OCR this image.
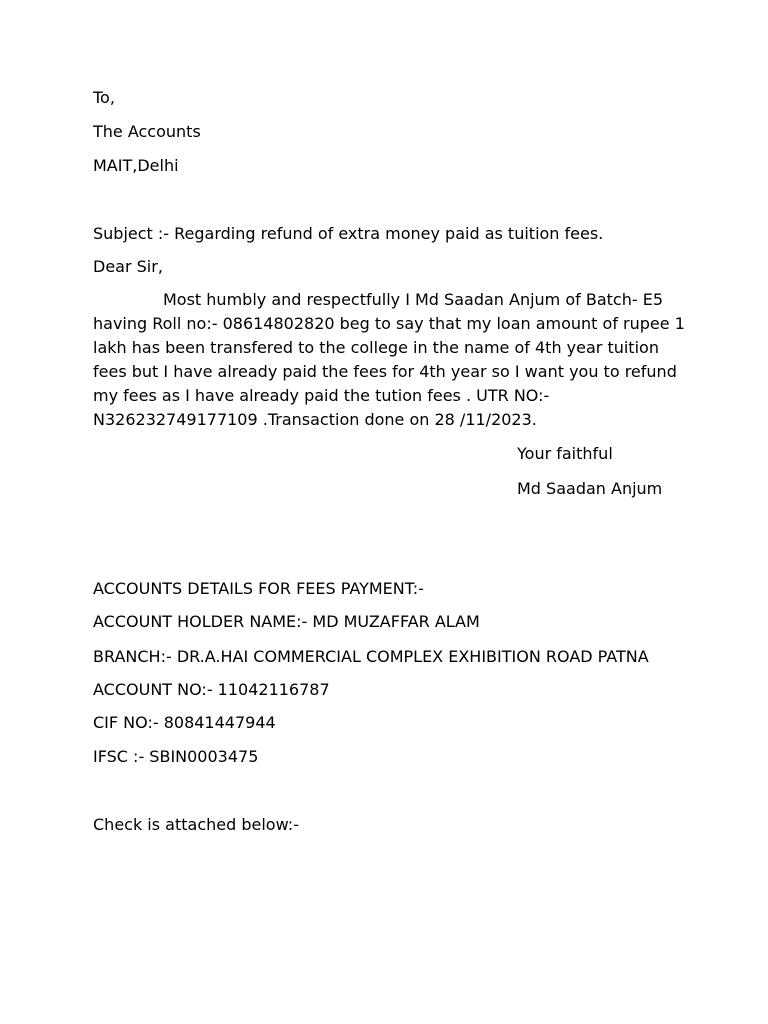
To,
The Accounts
MAIT,Delhi
Subject :- Regarding refund of extra money paid as tuition fees.
Dear Sir,
Most humbly and respectfully I Md Saadan Anjum of Batch- E5
having Roll no:- 08614802820 beg to say that my loan amount of rupee 1
lakh has been transfered to the college in the name of 4th year tuition
fees but I have already paid the fees for 4th year so I want you to refund
my fees as I have already paid the tution fees . UTR NO:-
N326232749177109 .Transaction done on 28 /11/2023.
Your faithful
Md Saadan Anjum
ACCOUNTS DETAILS FOR FEES PAYMENT:-
ACCOUNT HOLDER NAME:- MD MUZAFFAR ALAM
BRANCH:- DR.A.HAI COMMERCIAL COMPLEX EXHIBITION ROAD PATNA
ACCOUNT NO:- 11042116787
CIF NO:- 80841447944
IFSC :- SBIN0003475
Check is attached below:-
